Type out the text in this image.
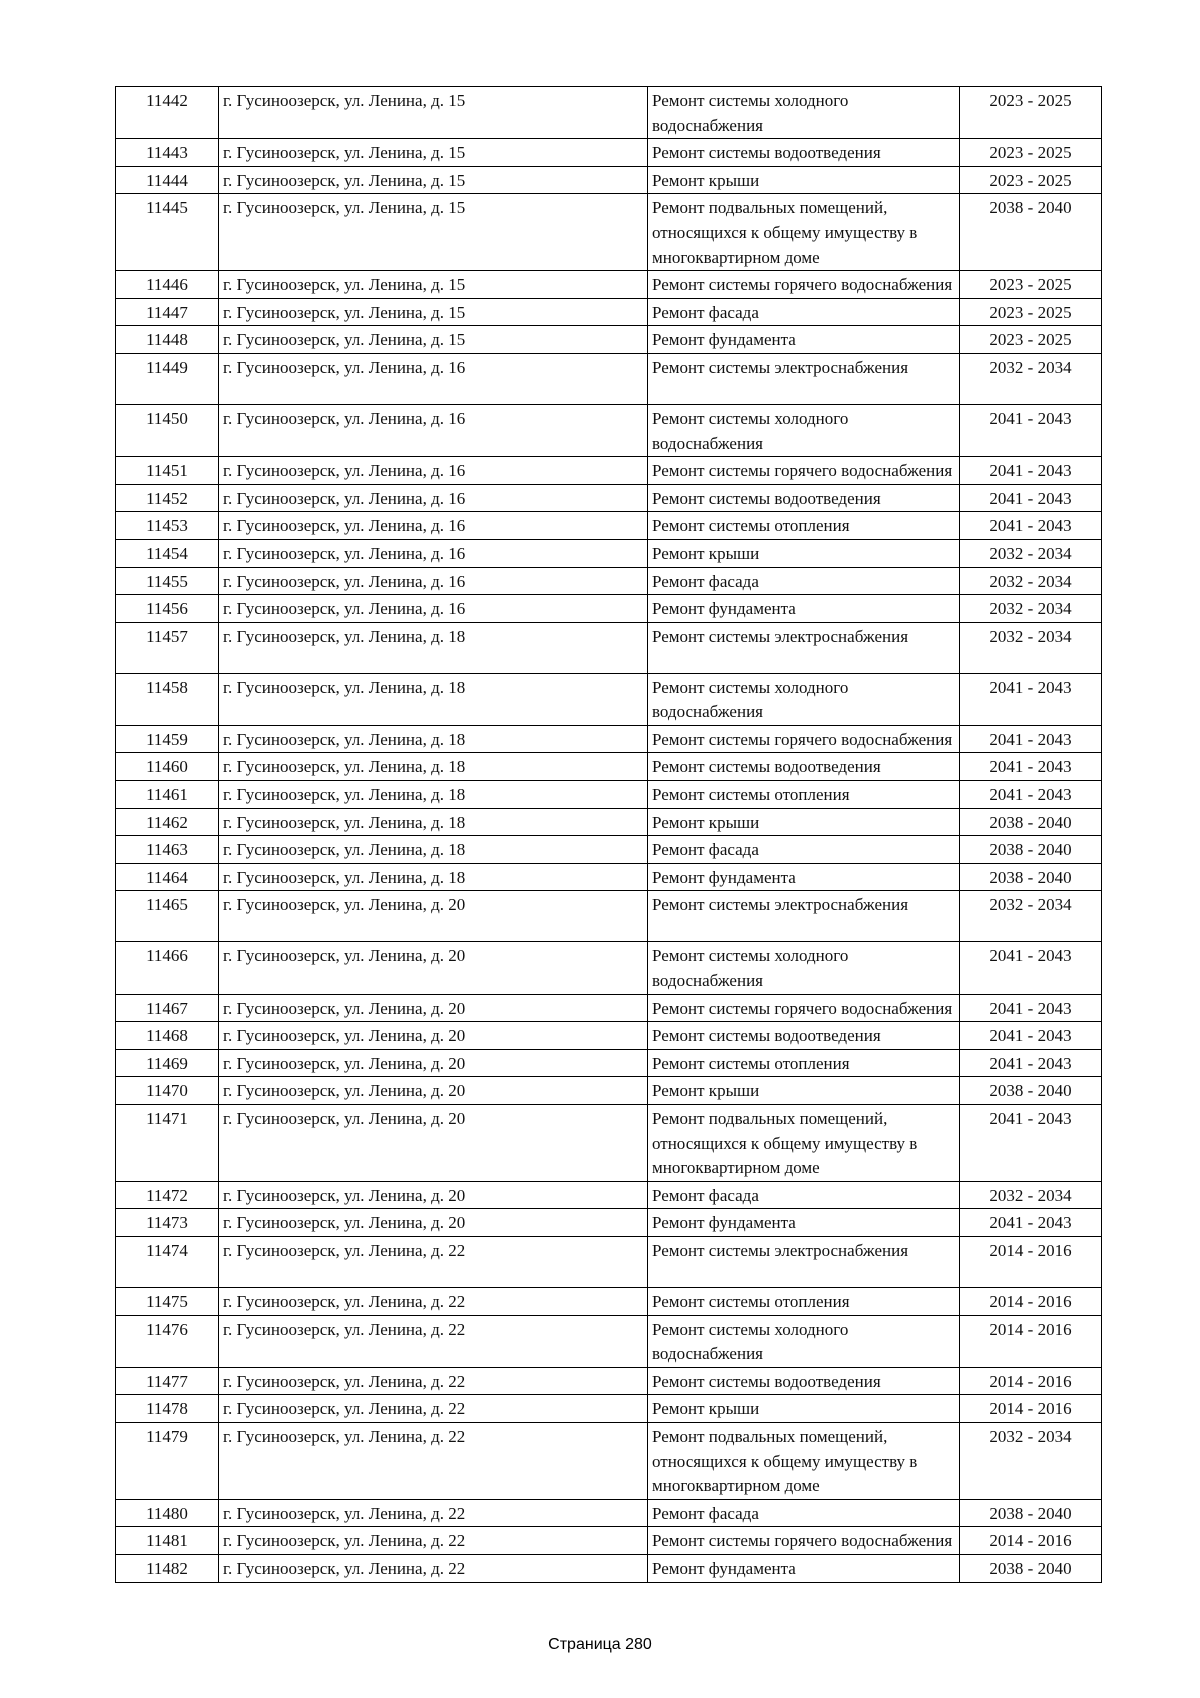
11442	г. Гусиноозерск, ул. Ленина, д. 15	Ремонт системы холодного водоснабжения	2023 - 2025
11443	г. Гусиноозерск, ул. Ленина, д. 15	Ремонт системы водоотведения	2023 - 2025
11444	г. Гусиноозерск, ул. Ленина, д. 15	Ремонт крыши	2023 - 2025
11445	г. Гусиноозерск, ул. Ленина, д. 15	Ремонт подвальных помещений, относящихся к общему имуществу в многоквартирном доме	2038 - 2040
11446	г. Гусиноозерск, ул. Ленина, д. 15	Ремонт системы горячего водоснабжения	2023 - 2025
11447	г. Гусиноозерск, ул. Ленина, д. 15	Ремонт фасада	2023 - 2025
11448	г. Гусиноозерск, ул. Ленина, д. 15	Ремонт фундамента	2023 - 2025
11449	г. Гусиноозерск, ул. Ленина, д. 16	Ремонт системы электроснабжения	2032 - 2034
11450	г. Гусиноозерск, ул. Ленина, д. 16	Ремонт системы холодного водоснабжения	2041 - 2043
11451	г. Гусиноозерск, ул. Ленина, д. 16	Ремонт системы горячего водоснабжения	2041 - 2043
11452	г. Гусиноозерск, ул. Ленина, д. 16	Ремонт системы водоотведения	2041 - 2043
11453	г. Гусиноозерск, ул. Ленина, д. 16	Ремонт системы отопления	2041 - 2043
11454	г. Гусиноозерск, ул. Ленина, д. 16	Ремонт крыши	2032 - 2034
11455	г. Гусиноозерск, ул. Ленина, д. 16	Ремонт фасада	2032 - 2034
11456	г. Гусиноозерск, ул. Ленина, д. 16	Ремонт фундамента	2032 - 2034
11457	г. Гусиноозерск, ул. Ленина, д. 18	Ремонт системы электроснабжения	2032 - 2034
11458	г. Гусиноозерск, ул. Ленина, д. 18	Ремонт системы холодного водоснабжения	2041 - 2043
11459	г. Гусиноозерск, ул. Ленина, д. 18	Ремонт системы горячего водоснабжения	2041 - 2043
11460	г. Гусиноозерск, ул. Ленина, д. 18	Ремонт системы водоотведения	2041 - 2043
11461	г. Гусиноозерск, ул. Ленина, д. 18	Ремонт системы отопления	2041 - 2043
11462	г. Гусиноозерск, ул. Ленина, д. 18	Ремонт крыши	2038 - 2040
11463	г. Гусиноозерск, ул. Ленина, д. 18	Ремонт фасада	2038 - 2040
11464	г. Гусиноозерск, ул. Ленина, д. 18	Ремонт фундамента	2038 - 2040
11465	г. Гусиноозерск, ул. Ленина, д. 20	Ремонт системы электроснабжения	2032 - 2034
11466	г. Гусиноозерск, ул. Ленина, д. 20	Ремонт системы холодного водоснабжения	2041 - 2043
11467	г. Гусиноозерск, ул. Ленина, д. 20	Ремонт системы горячего водоснабжения	2041 - 2043
11468	г. Гусиноозерск, ул. Ленина, д. 20	Ремонт системы водоотведения	2041 - 2043
11469	г. Гусиноозерск, ул. Ленина, д. 20	Ремонт системы отопления	2041 - 2043
11470	г. Гусиноозерск, ул. Ленина, д. 20	Ремонт крыши	2038 - 2040
11471	г. Гусиноозерск, ул. Ленина, д. 20	Ремонт подвальных помещений, относящихся к общему имуществу в многоквартирном доме	2041 - 2043
11472	г. Гусиноозерск, ул. Ленина, д. 20	Ремонт фасада	2032 - 2034
11473	г. Гусиноозерск, ул. Ленина, д. 20	Ремонт фундамента	2041 - 2043
11474	г. Гусиноозерск, ул. Ленина, д. 22	Ремонт системы электроснабжения	2014 - 2016
11475	г. Гусиноозерск, ул. Ленина, д. 22	Ремонт системы отопления	2014 - 2016
11476	г. Гусиноозерск, ул. Ленина, д. 22	Ремонт системы холодного водоснабжения	2014 - 2016
11477	г. Гусиноозерск, ул. Ленина, д. 22	Ремонт системы водоотведения	2014 - 2016
11478	г. Гусиноозерск, ул. Ленина, д. 22	Ремонт крыши	2014 - 2016
11479	г. Гусиноозерск, ул. Ленина, д. 22	Ремонт подвальных помещений, относящихся к общему имуществу в многоквартирном доме	2032 - 2034
11480	г. Гусиноозерск, ул. Ленина, д. 22	Ремонт фасада	2038 - 2040
11481	г. Гусиноозерск, ул. Ленина, д. 22	Ремонт системы горячего водоснабжения	2014 - 2016
11482	г. Гусиноозерск, ул. Ленина, д. 22	Ремонт фундамента	2038 - 2040
Страница 280
